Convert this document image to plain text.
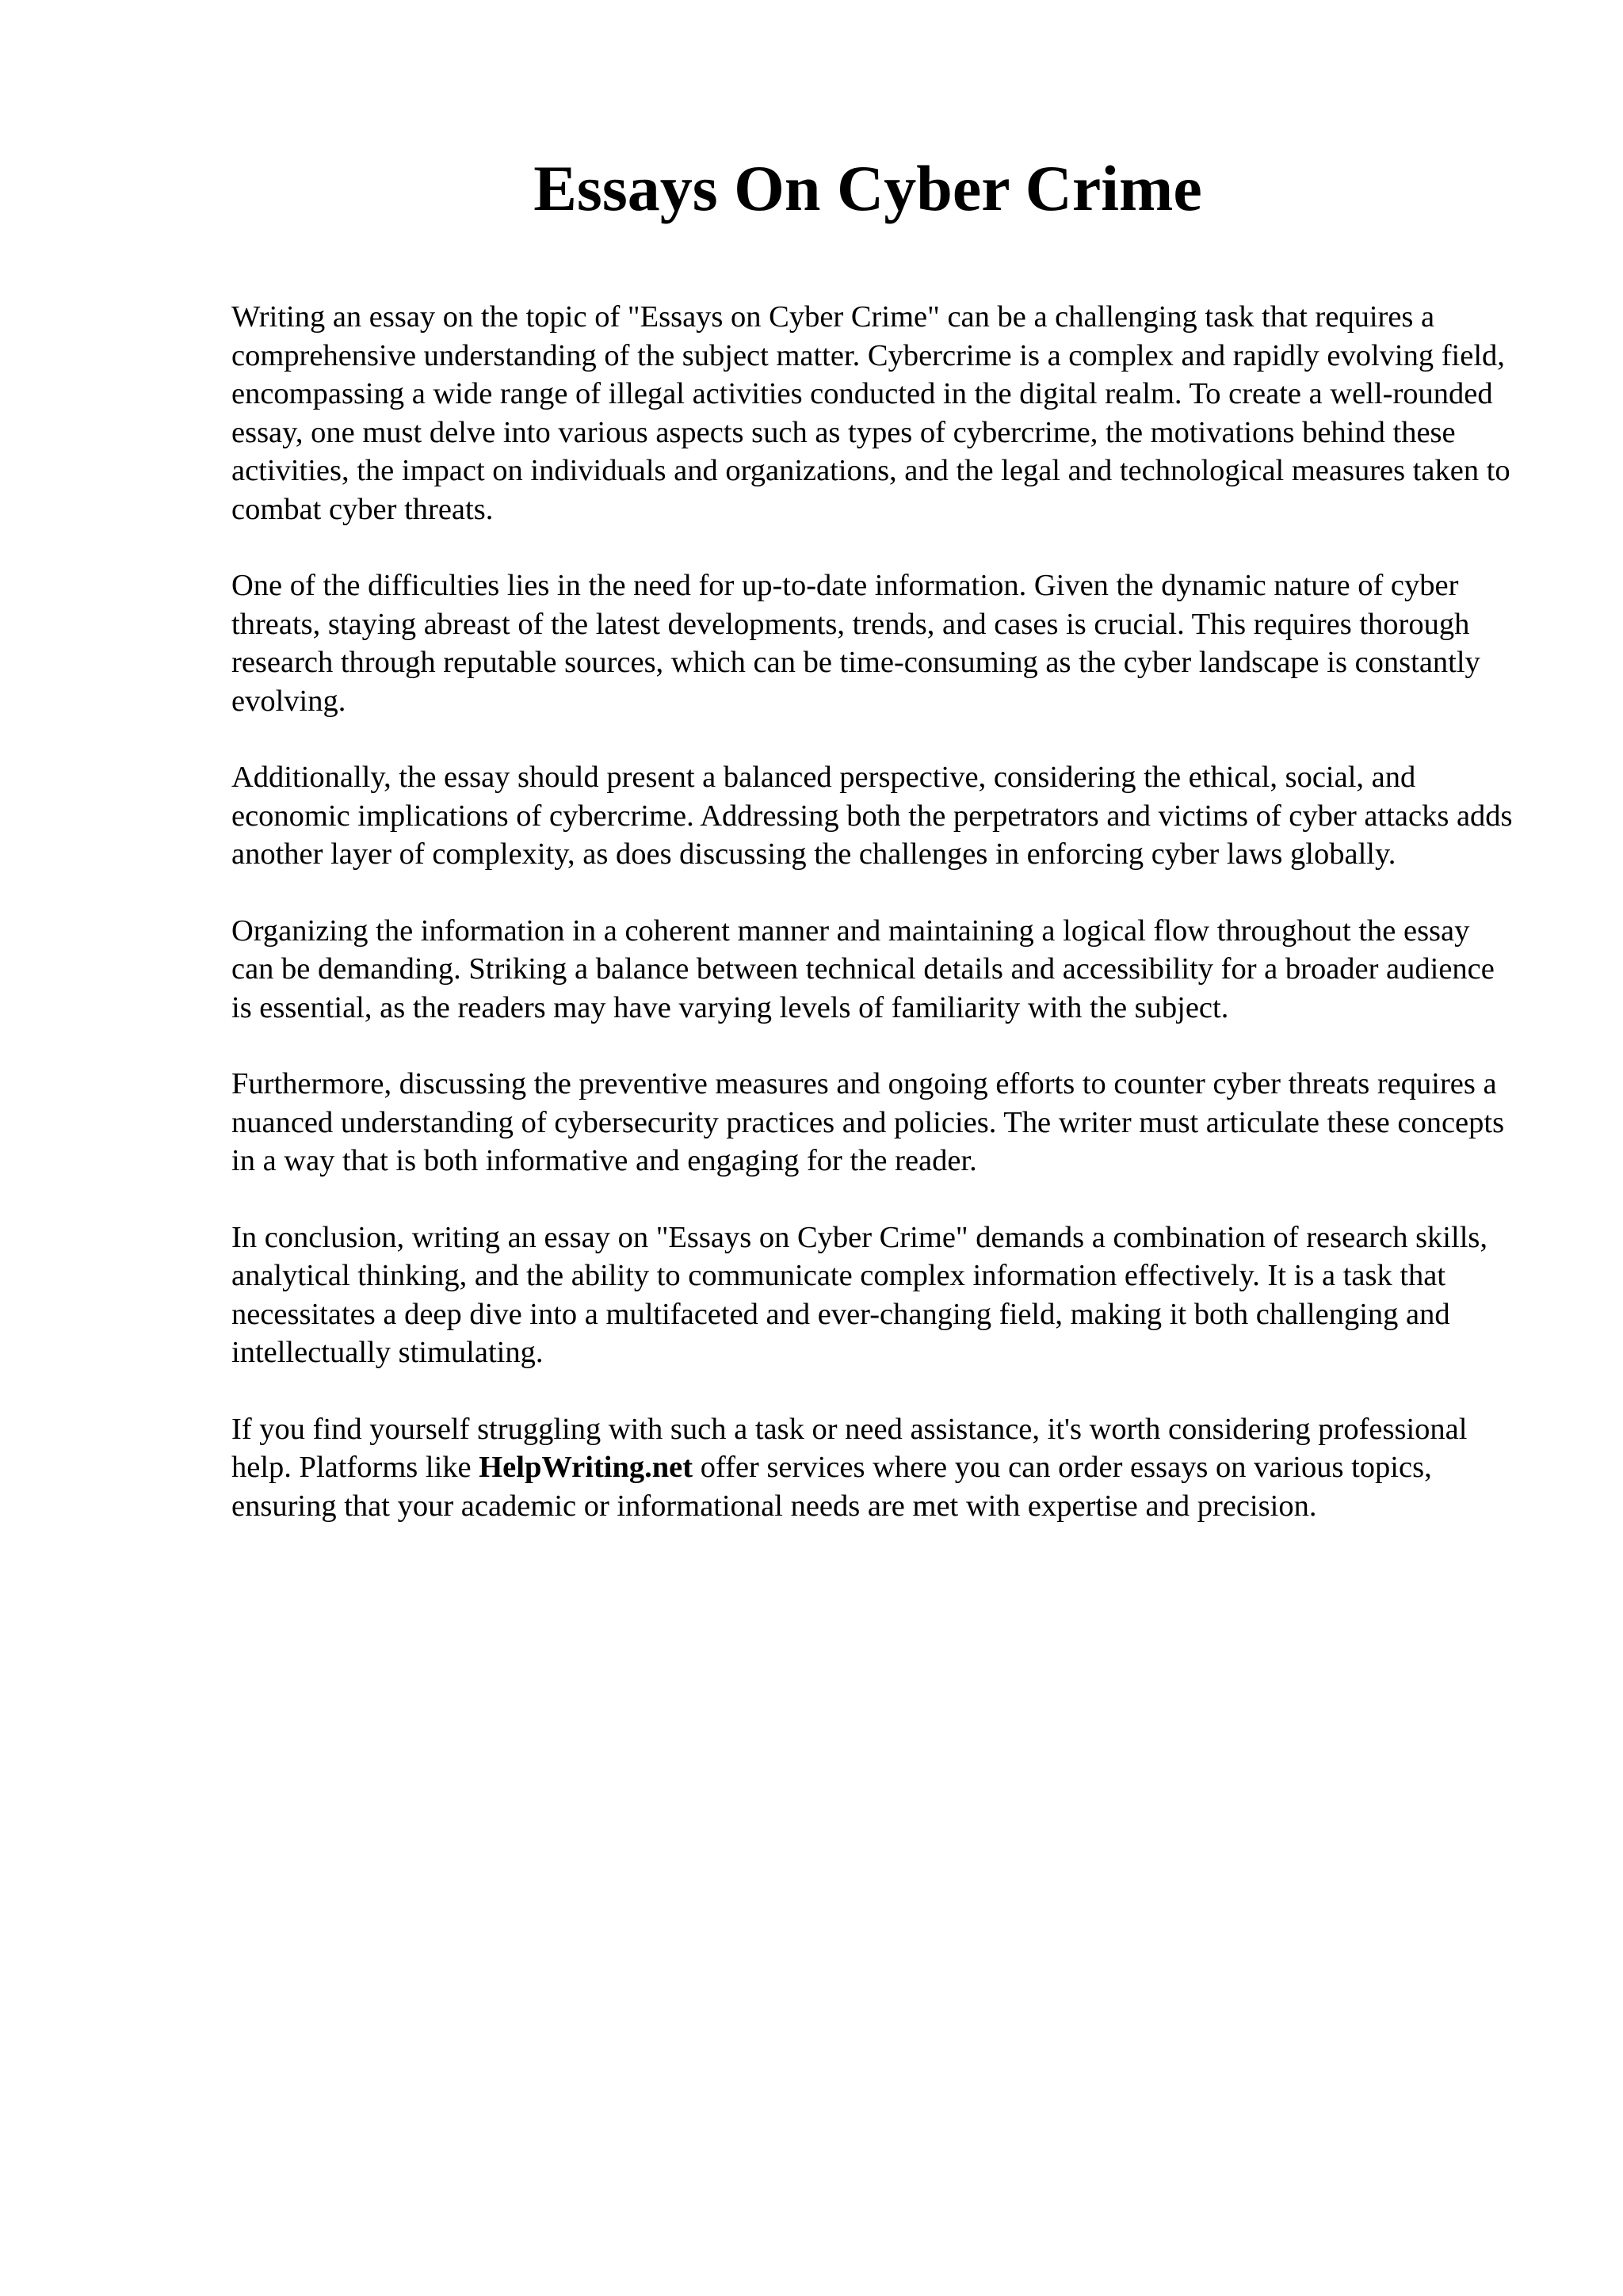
Essays On Cyber Crime

Writing an essay on the topic of "Essays on Cyber Crime" can be a challenging task that requires a comprehensive understanding of the subject matter. Cybercrime is a complex and rapidly evolving field, encompassing a wide range of illegal activities conducted in the digital realm. To create a well-rounded essay, one must delve into various aspects such as types of cybercrime, the motivations behind these activities, the impact on individuals and organizations, and the legal and technological measures taken to combat cyber threats.

One of the difficulties lies in the need for up-to-date information. Given the dynamic nature of cyber threats, staying abreast of the latest developments, trends, and cases is crucial. This requires thorough research through reputable sources, which can be time-consuming as the cyber landscape is constantly evolving.

Additionally, the essay should present a balanced perspective, considering the ethical, social, and economic implications of cybercrime. Addressing both the perpetrators and victims of cyber attacks adds another layer of complexity, as does discussing the challenges in enforcing cyber laws globally.

Organizing the information in a coherent manner and maintaining a logical flow throughout the essay can be demanding. Striking a balance between technical details and accessibility for a broader audience is essential, as the readers may have varying levels of familiarity with the subject.

Furthermore, discussing the preventive measures and ongoing efforts to counter cyber threats requires a nuanced understanding of cybersecurity practices and policies. The writer must articulate these concepts in a way that is both informative and engaging for the reader.

In conclusion, writing an essay on "Essays on Cyber Crime" demands a combination of research skills, analytical thinking, and the ability to communicate complex information effectively. It is a task that necessitates a deep dive into a multifaceted and ever-changing field, making it both challenging and intellectually stimulating.

If you find yourself struggling with such a task or need assistance, it's worth considering professional help. Platforms like HelpWriting.net offer services where you can order essays on various topics, ensuring that your academic or informational needs are met with expertise and precision.
